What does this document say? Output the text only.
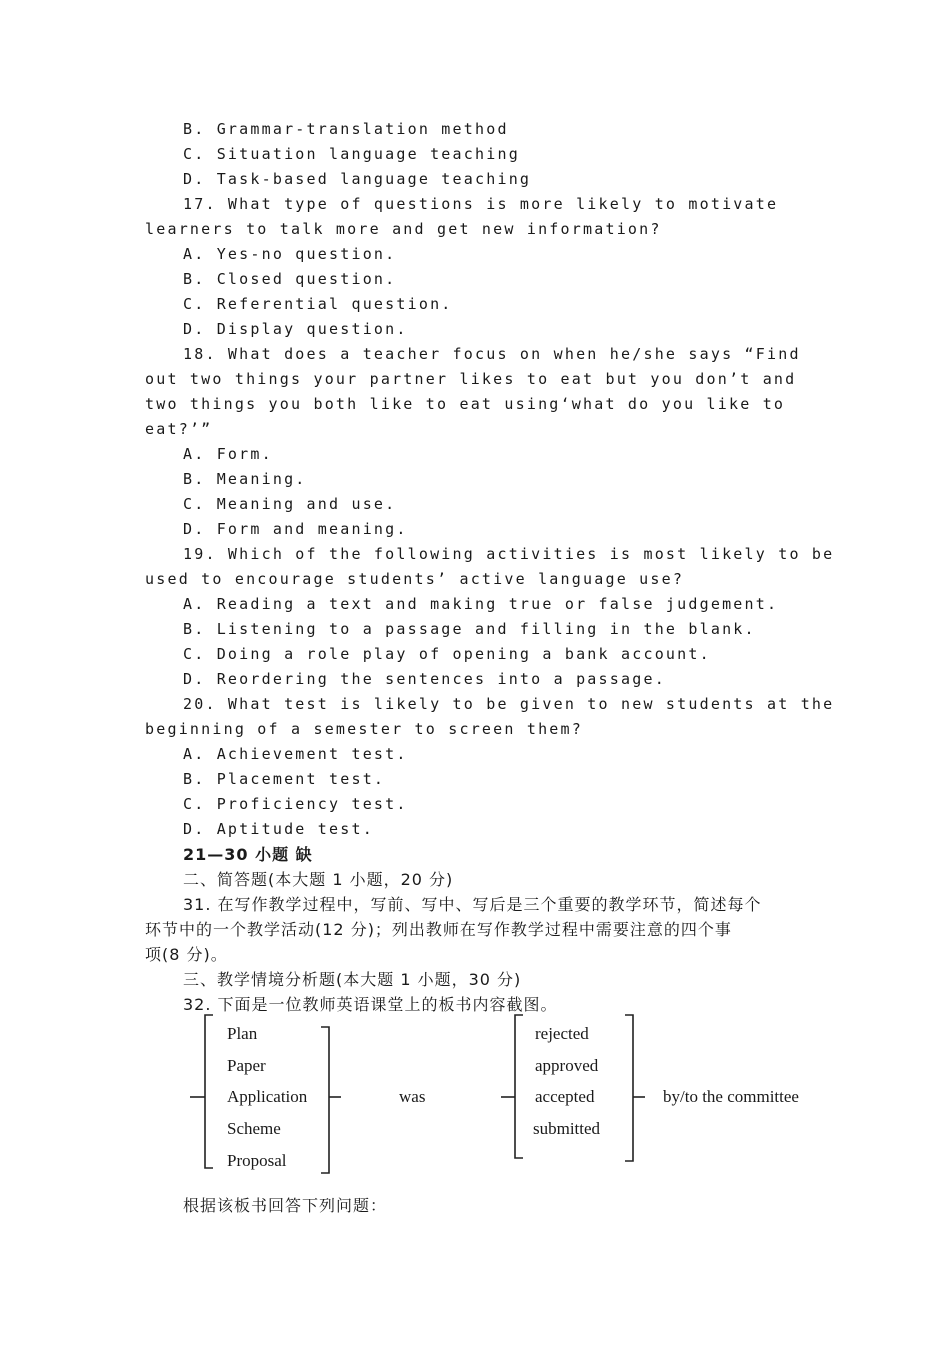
B. Grammar-translation method
C. Situation language teaching
D. Task-based language teaching
17. What type of questions is more likely to motivate
learners to talk more and get new information?
A. Yes-no question.
B. Closed question.
C. Referential question.
D. Display question.
18. What does a teacher focus on when he/she says “Find
out two things your partner likes to eat but you don’t and
two things you both like to eat using‘what do you like to
eat?’”
A. Form.
B. Meaning.
C. Meaning and use.
D. Form and meaning.
19. Which of the following activities is most likely to be
used to encourage students’ active language use?
A. Reading a text and making true or false judgement.
B. Listening to a passage and filling in the blank.
C. Doing a role play of opening a bank account.
D. Reordering the sentences into a passage.
20. What test is likely to be given to new students at the
beginning of a semester to screen them?
A. Achievement test.
B. Placement test.
C. Proficiency test.
D. Aptitude test.
21—30 小题 缺
二、简答题(本大题 1 小题，20 分)
31. 在写作教学过程中，写前、写中、写后是三个重要的教学环节，简述每个
环节中的一个教学活动(12 分)；列出教师在写作教学过程中需要注意的四个事
项(8 分)。
三、教学情境分析题(本大题 1 小题，30 分)
32. 下面是一位教师英语课堂上的板书内容截图。
Plan
Paper
Application
Scheme
Proposal
was
rejected
approved
accepted
submitted
by/to the committee
根据该板书回答下列问题：
